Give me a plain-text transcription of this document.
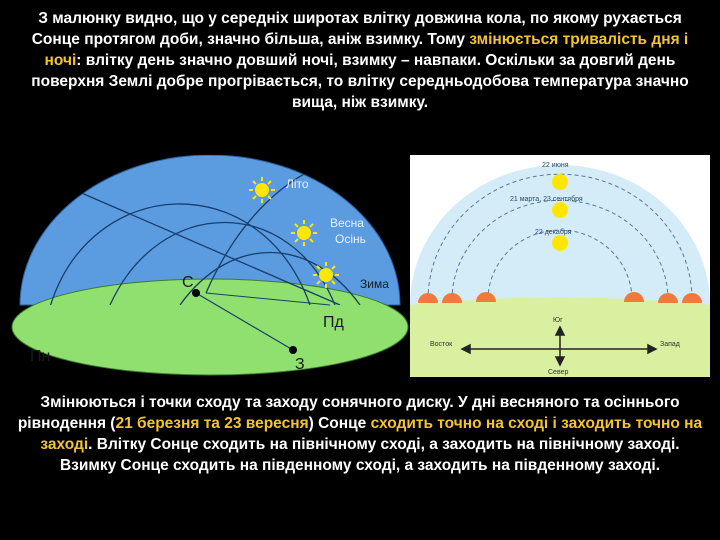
З малюнку видно, що у середніх широтах влітку довжина кола, по якому рухається Сонце протягом доби, значно більша, аніж взимку. Тому змінюється тривалість дня і ночі: влітку день значно довший ночі, взимку – навпаки. Оскільки за довгий день поверхня Землі добре прогрівається, то влітку середньодобова температура значно вища, ніж взимку.
Літо
Весна
Осінь
Зима
С
Пд
Пн	З
22 июня
21 марта, 23 сентября
22 декабря
Юг
Восток	Запад
Север
Змінюються і точки сходу та заходу сонячного диску. У дні весняного та осіннього рівнодення (21 березня та 23 вересня) Сонце сходить точно на сході і заходить точно на заході. Влітку Сонце сходить на північному сході, а заходить на північному заході. Взимку Сонце сходить на південному сході, а заходить на південному заході.
